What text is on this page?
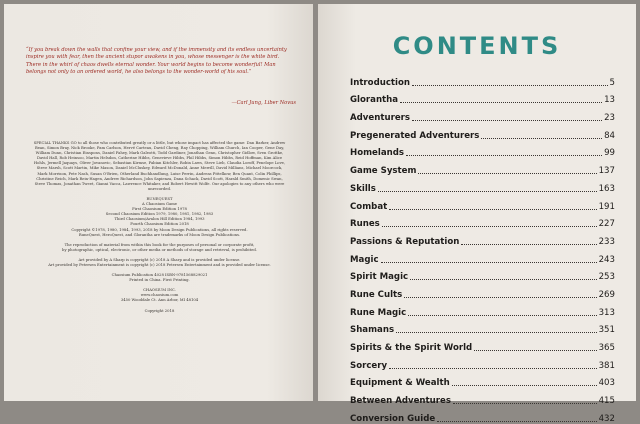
“If you break down the walls that confine your view, and if the immensity and its endless uncertainty inspire you with fear, then the ancient stupor awakens in you, whose messenger is the white bird. There in the whirl of chaos dwells eternal wonder. Your world begins to become wonderful! Man belongs not only to an ordered world, he also belongs to the wonder-world of his soul.”
—Carl Jung, Liber Novus

SPECIAL THANKS GO to all those who contributed greatly or a little, but whose impact has affected the game: Dan Barker, Andrew Bean, Simon Bray, Nick Brooke, Pam Carlson, Hervé Carteau, David Cheng, Ray Chopping, William Church, Ian Cooper, Gene Day, William Dunn, Christian Einspons, Daniel Fahey, Mark Galeotti, Todd Gardiner, Jonathan Genn, Christopher Gidlow, Sven Grottke, David Hall, Rob Heinsoo, Martin Helsdon, Catherine Hibbs, Genevieve Hibbs, Phil Hibbs, Simon Hibbs, Reid Hoffman, Kim Alice Hohls, Jermell Jaquays, Oliver Jovanovic, Sebastian Kirmse, Fabian Kitchler, Robin Laws, Steve Lieb, Claudia Loroff, Penelope Love, Steve Marsh, Scott Martin, Mike Mason, Daniel McCluskey, Edward McDonald, Anne Merrill, David Millians, Michael Moorcock, Mark Morrison, Pete Nash, Susan O'Brien, Otherland Buchhandlung, Luise Perrin, Andreas Pittelkow, Ben Quant, Colin Phillips, Christine Reich, Mark Rein-Hagen, Andrew Richardson, John Sapienza, Dana Schack, David Scott, Harald Smith, Domenic Swan, Steve Thomas, Jonathan Tweet, Gianni Vacca, Lawrence Whitaker, and Robert Hewitt Wolfe. Our apologies to any others who were unrecorded.

RUNEQUEST

A Chaosium Game

First Chaosium Edition 1978

Second Chaosium Edition 1979, 1980, 1981, 1982, 1983

Third Chaosium/Avalon Hill Edition 1984, 1993

Fourth Chaosium Edition 2018

Copyright ©1978, 1980, 1984, 1993, 2018 by Moon Design Publications, all rights reserved.

RuneQuest, HeroQuest, and Glorantha are trademarks of Moon Design Publications.

The reproduction of material from within this book for the purposes of personal or corporate profit,

by photographic, optical, electronic, or other media or methods of storage and retrieval, is prohibited.

Art provided by A Sharp is copyright (c) 2018 A Sharp and is provided under license.

Art provided by Petersen Entertainment is copyright (c) 2018 Petersen Entertainment and is provided under license.

Chaosium Publication 4028 ISBN-9781568829021

Printed in China. First Printing.

CHAOSIUM INC.

www.chaosium.com

3450 Wooddale Ct. Ann Arbor, MI 48104

Copyright 2018

CONTENTS
Introduction	5
Glorantha	13
Adventurers	23
Pregenerated Adventurers	84
Homelands	99
Game System	137
Skills	163
Combat	191
Runes	227
Passions & Reputation	233
Magic	243
Spirit Magic	253
Rune Cults	269
Rune Magic	313
Shamans	351
Spirits & the Spirit World	365
Sorcery	381
Equipment & Wealth	403
Between Adventures	415
Conversion Guide	432
